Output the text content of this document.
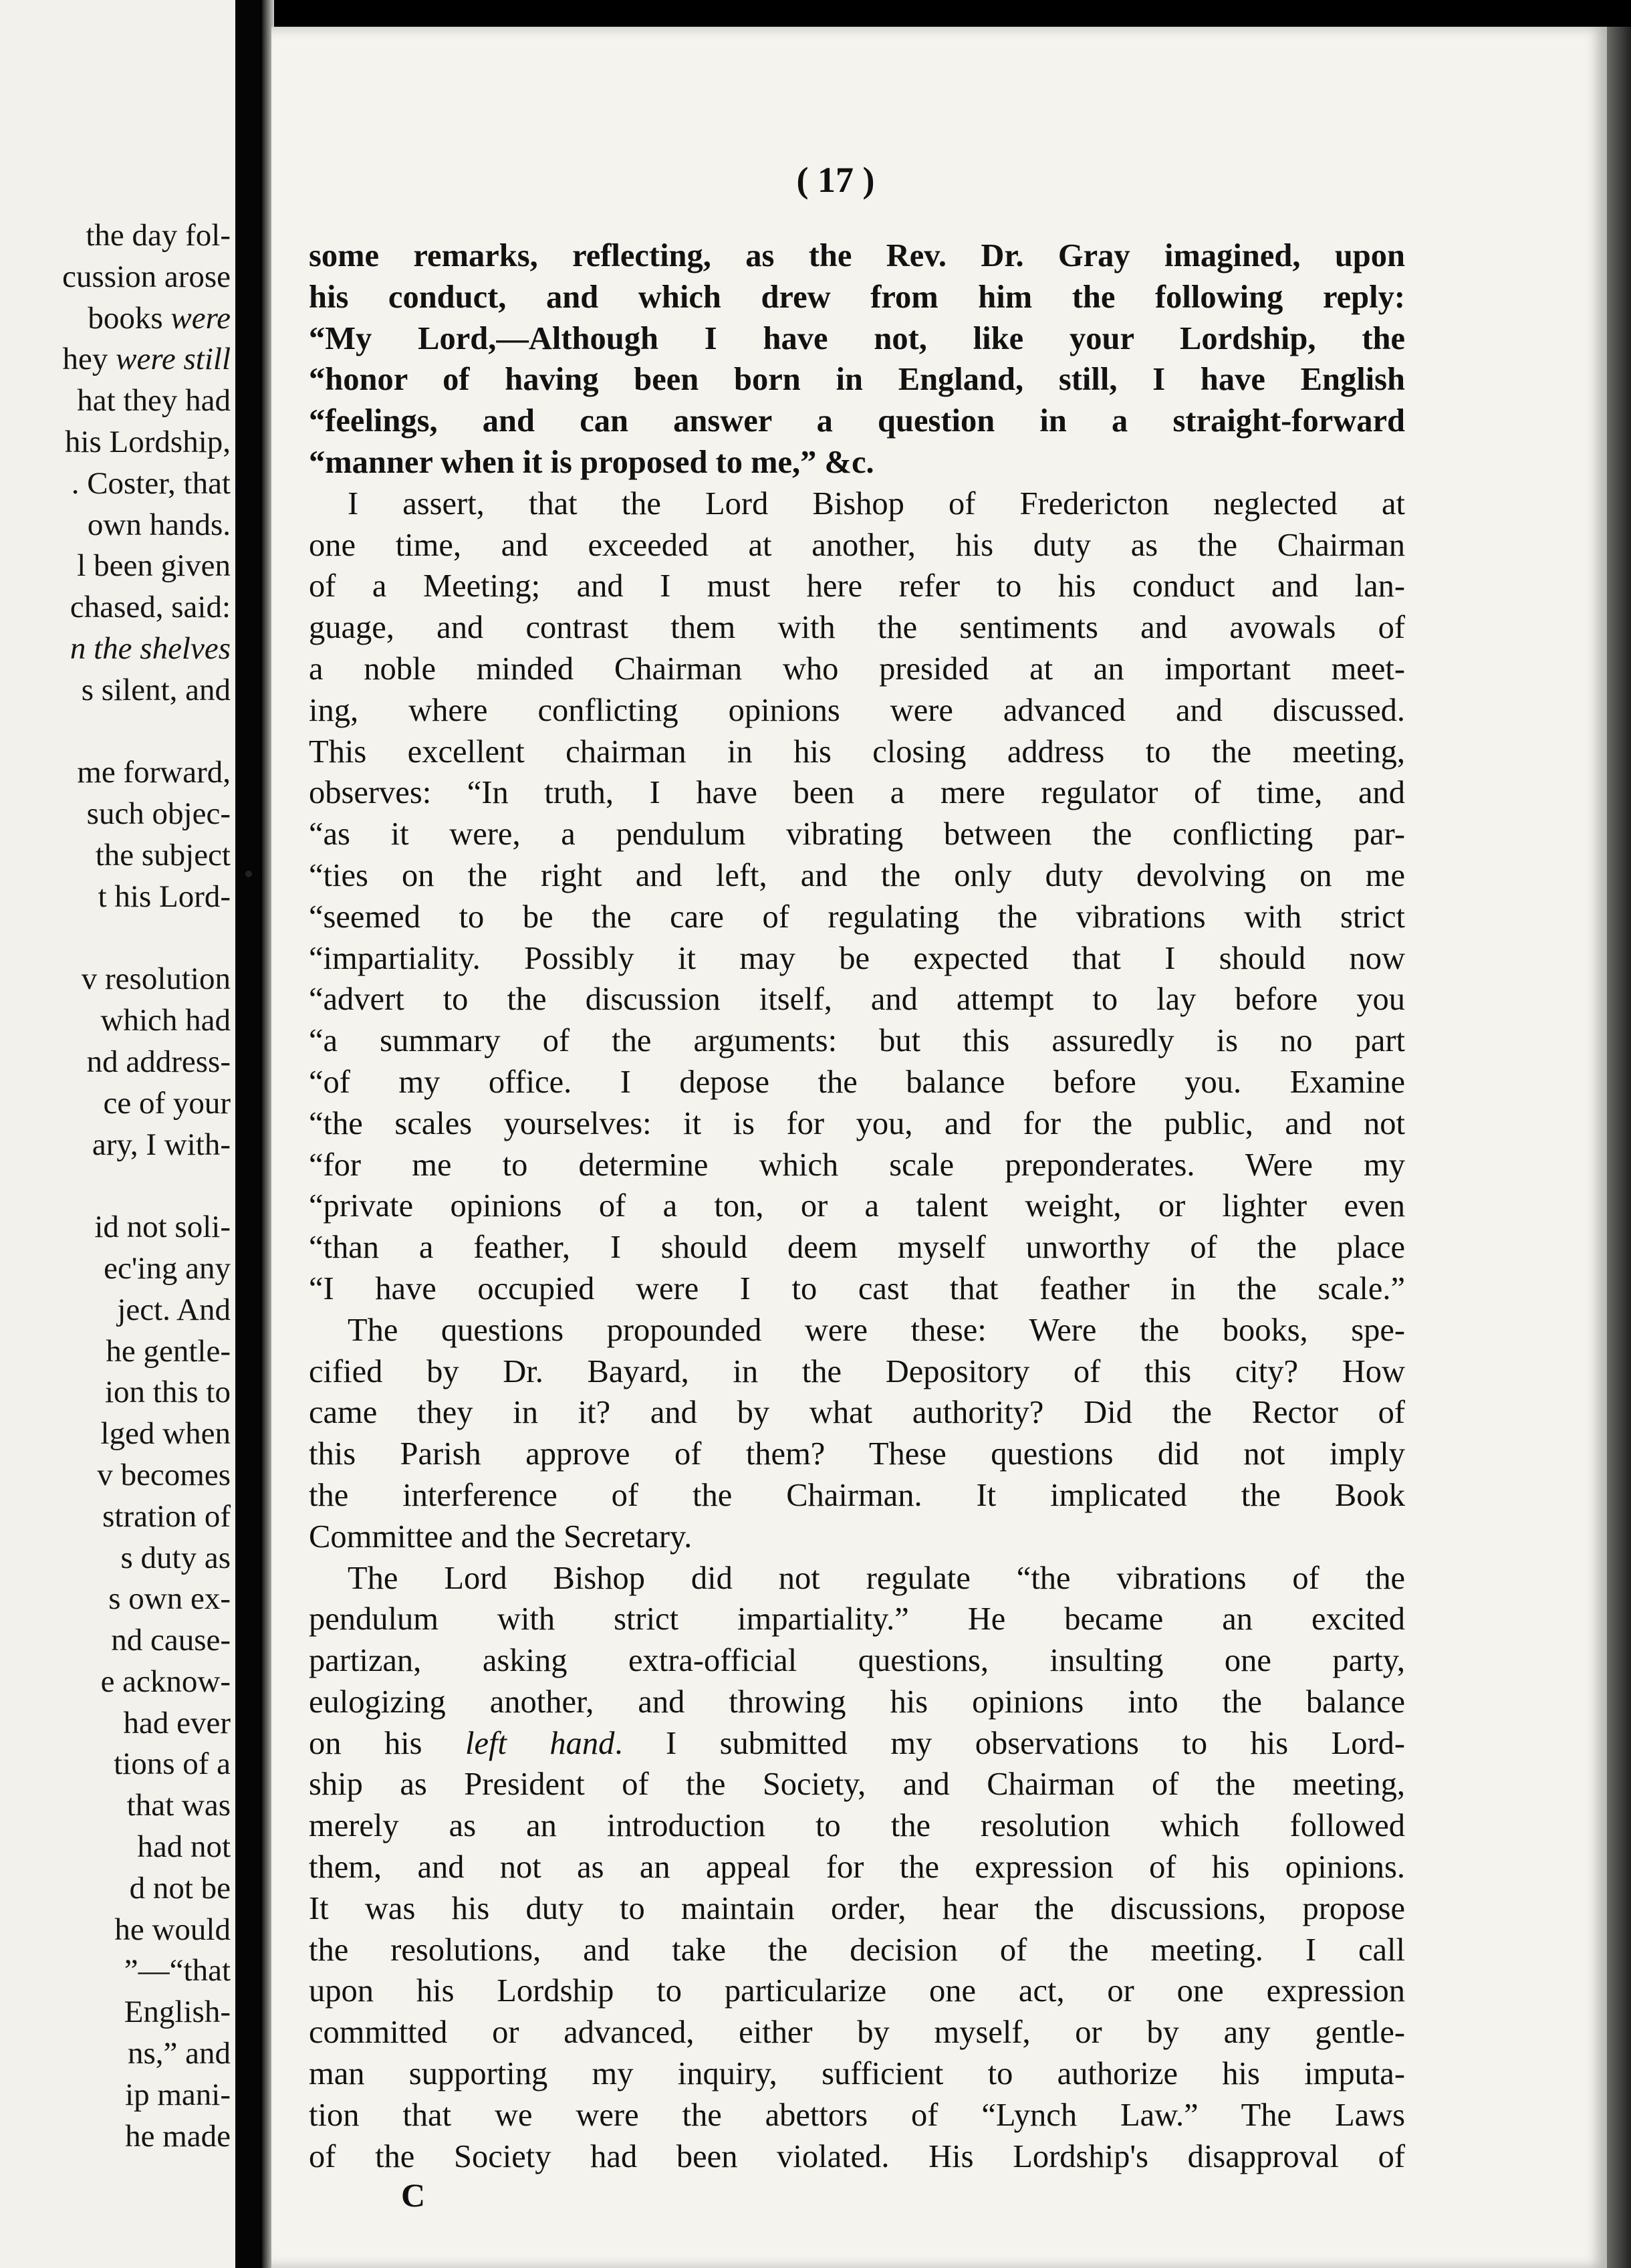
the day fol-
cussion arose
books were
hey were still
hat they had
his Lordship,
. Coster, that
own hands.
l been given
chased, said:
n the shelves
s silent, and

me forward,
such objec-
the subject
t his Lord-

v resolution
which had
nd address-
ce of your
ary, I with-

id not soli-
ec'ing any
ject. And
he gentle-
ion this to
lged when
v becomes
stration of
s duty as
s own ex-
nd cause-
e acknow-
had ever
tions of a
that was
had not
d not be
he would
”—“that
English-
ns,” and
ip mani-
he made
( 17 )
some remarks, reflecting, as the Rev. Dr. Gray imagined, upon
his conduct, and which drew from him the following reply:
“My Lord,—Although I have not, like your Lordship, the
“honor of having been born in England, still, I have English
“feelings, and can answer a question in a straight-forward
“manner when it is proposed to me,” &c.
I assert, that the Lord Bishop of Fredericton neglected at
one time, and exceeded at another, his duty as the Chairman
of a Meeting; and I must here refer to his conduct and lan-
guage, and contrast them with the sentiments and avowals of
a noble minded Chairman who presided at an important meet-
ing, where conflicting opinions were advanced and discussed.
This excellent chairman in his closing address to the meeting,
observes: “In truth, I have been a mere regulator of time, and
“as it were, a pendulum vibrating between the conflicting par-
“ties on the right and left, and the only duty devolving on me
“seemed to be the care of regulating the vibrations with strict
“impartiality. Possibly it may be expected that I should now
“advert to the discussion itself, and attempt to lay before you
“a summary of the arguments: but this assuredly is no part
“of my office. I depose the balance before you. Examine
“the scales yourselves: it is for you, and for the public, and not
“for me to determine which scale preponderates. Were my
“private opinions of a ton, or a talent weight, or lighter even
“than a feather, I should deem myself unworthy of the place
“I have occupied were I to cast that feather in the scale.”
The questions propounded were these: Were the books, spe-
cified by Dr. Bayard, in the Depository of this city? How
came they in it? and by what authority? Did the Rector of
this Parish approve of them? These questions did not imply
the interference of the Chairman. It implicated the Book
Committee and the Secretary.
The Lord Bishop did not regulate “the vibrations of the
pendulum with strict impartiality.” He became an excited
partizan, asking extra-official questions, insulting one party,
eulogizing another, and throwing his opinions into the balance
on his left hand. I submitted my observations to his Lord-
ship as President of the Society, and Chairman of the meeting,
merely as an introduction to the resolution which followed
them, and not as an appeal for the expression of his opinions.
It was his duty to maintain order, hear the discussions, propose
the resolutions, and take the decision of the meeting. I call
upon his Lordship to particularize one act, or one expression
committed or advanced, either by myself, or by any gentle-
man supporting my inquiry, sufficient to authorize his imputa-
tion that we were the abettors of “Lynch Law.” The Laws
of the Society had been violated. His Lordship's disapproval of
C
